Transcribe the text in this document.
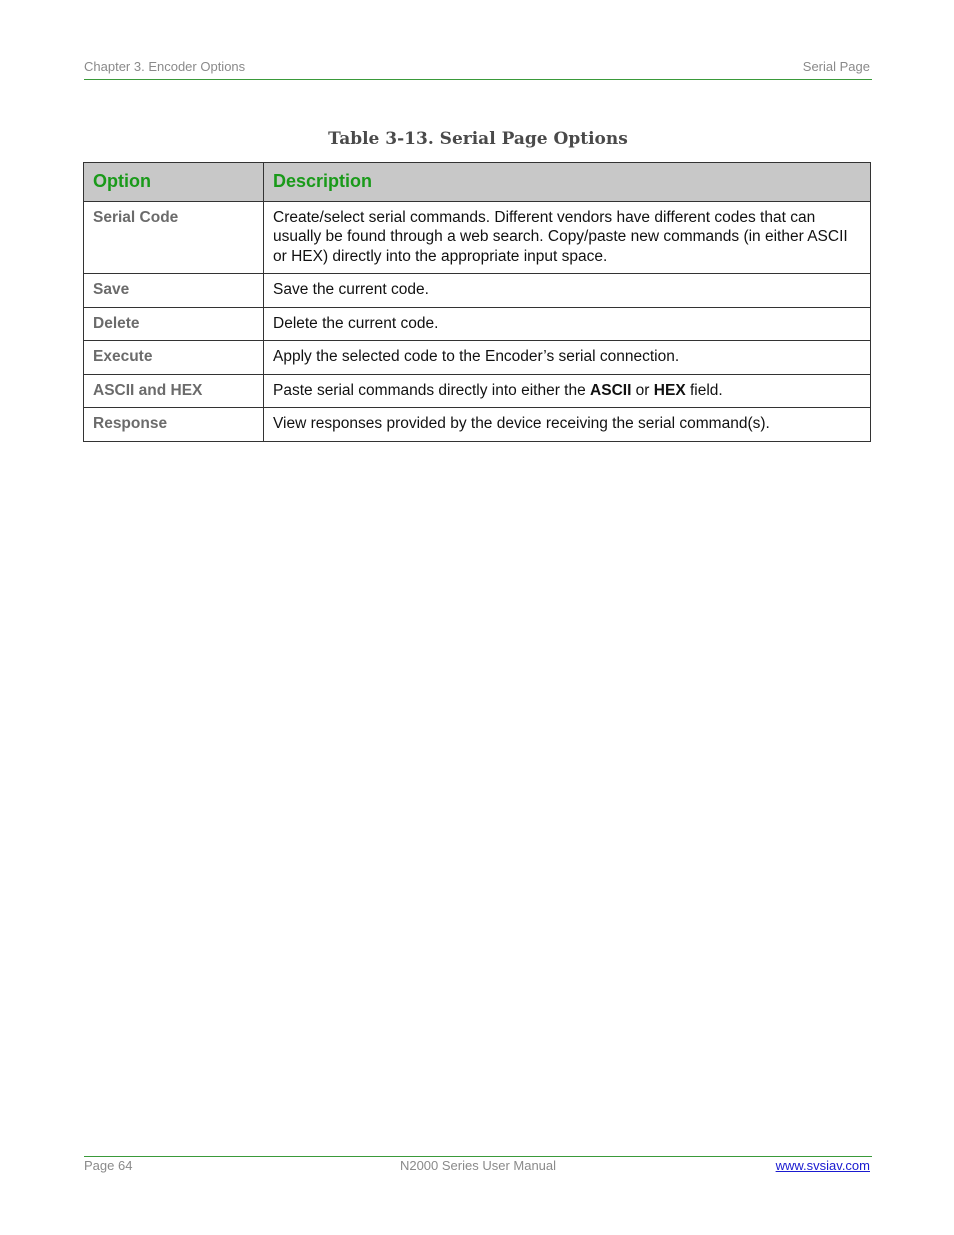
Chapter 3. Encoder Options	Serial Page
Table 3-13. Serial Page Options
Option	Description
Serial Code	Create/select serial commands. Different vendors have different codes that can usually be found through a web search. Copy/paste new commands (in either ASCII or HEX) directly into the appropriate input space.
Save	Save the current code.
Delete	Delete the current code.
Execute	Apply the selected code to the Encoder’s serial connection.
ASCII and HEX	Paste serial commands directly into either the ASCII or HEX field.
Response	View responses provided by the device receiving the serial command(s).
Page 64	N2000 Series User Manual	www.svsiav.com
